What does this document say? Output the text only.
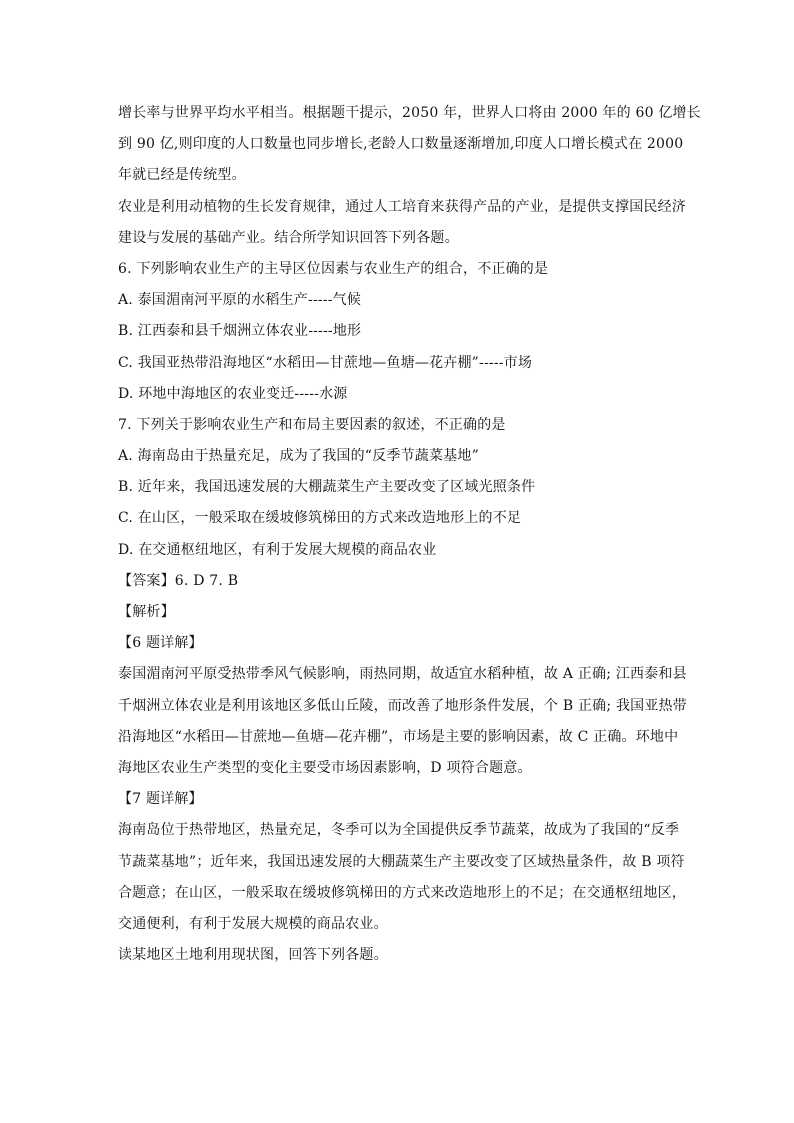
增长率与世界平均水平相当。根据题干提示，2050 年，世界人口将由 2000 年的 60 亿增长
到 90 亿,则印度的人口数量也同步增长,老龄人口数量逐渐增加,印度人口增长模式在 2000
年就已经是传统型。
农业是利用动植物的生长发育规律，通过人工培育来获得产品的产业，是提供支撑国民经济
建设与发展的基础产业。结合所学知识回答下列各题。
6. 下列影响农业生产的主导区位因素与农业生产的组合，不正确的是
A. 泰国湄南河平原的水稻生产-----气候
B. 江西泰和县千烟洲立体农业-----地形
C. 我国亚热带沿海地区“水稻田—甘蔗地—鱼塘—花卉棚”-----市场
D. 环地中海地区的农业变迁-----水源
7. 下列关于影响农业生产和布局主要因素的叙述，不正确的是
A. 海南岛由于热量充足，成为了我国的“反季节蔬菜基地”
B. 近年来，我国迅速发展的大棚蔬菜生产主要改变了区域光照条件
C. 在山区，一般采取在缓坡修筑梯田的方式来改造地形上的不足
D. 在交通枢纽地区，有利于发展大规模的商品农业
【答案】6. D 7. B
【解析】
【6 题详解】
泰国湄南河平原受热带季风气候影响，雨热同期，故适宜水稻种植，故 A 正确; 江西泰和县
千烟洲立体农业是利用该地区多低山丘陵，而改善了地形条件发展，个 B 正确; 我国亚热带
沿海地区“水稻田—甘蔗地—鱼塘—花卉棚”，市场是主要的影响因素，故 C 正确。环地中
海地区农业生产类型的变化主要受市场因素影响，D 项符合题意。
【7 题详解】
海南岛位于热带地区，热量充足，冬季可以为全国提供反季节蔬菜，故成为了我国的“反季
节蔬菜基地”；近年来，我国迅速发展的大棚蔬菜生产主要改变了区域热量条件，故 B 项符
合题意；在山区，一般采取在缓坡修筑梯田的方式来改造地形上的不足；在交通枢纽地区，
交通便利，有利于发展大规模的商品农业。
读某地区土地利用现状图，回答下列各题。
